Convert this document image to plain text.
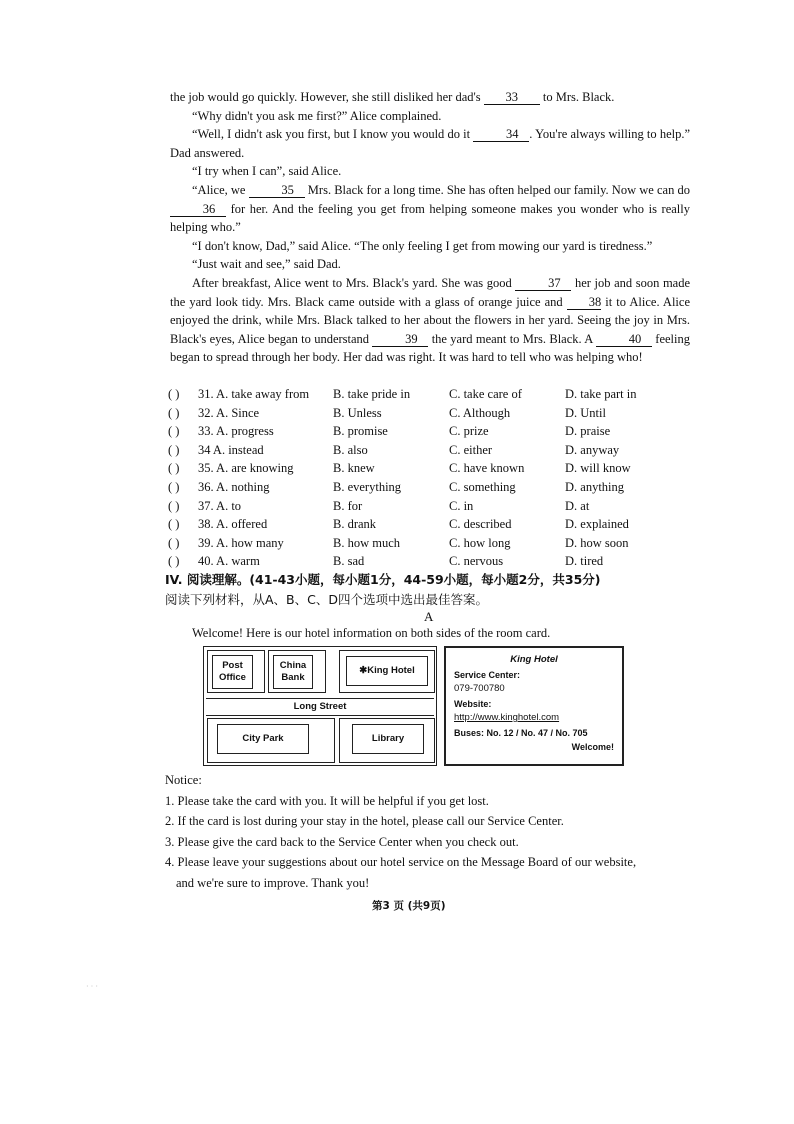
the job would go quickly. However, she still disliked her dad's 33 to Mrs. Black.

“Why didn't you ask me first?” Alice complained.

“Well, I didn't ask you first, but I know you would do it	34 . You're always willing to help.” Dad answered.

“I try when I can”, said Alice.

“Alice, we	35 Mrs. Black for a long time. She has often helped our family. Now we can do 36 for her. And the feeling you get from helping someone makes you wonder who is really helping who.”

“I don't know, Dad,” said Alice. “The only feeling I get from mowing our yard is tiredness.”

“Just wait and see,” said Dad.

After breakfast, Alice went to Mrs. Black's yard. She was good	37 her job and soon made the yard look tidy. Mrs. Black came outside with a glass of orange juice and 38 it to Alice. Alice enjoyed the drink, while Mrs. Black talked to her about the flowers in her yard. Seeing the joy in Mrs. Black's eyes, Alice began to understand	39 the yard meant to Mrs. Black. A	40 feeling began to spread through her body. Her dad was right. It was hard to tell who was helping who!

( )	31. A. take away from	B. take pride in	C. take care of	D. take part in
( )	32. A. Since	B. Unless	C. Although	D. Until
( )	33. A. progress	B. promise	C. prize	D. praise
( )	34 A. instead	B. also	C. either	D. anyway
( )	35. A. are knowing	B. knew	C. have known	D. will know
( )	36. A. nothing	B. everything	C. something	D. anything
( )	37. A. to	B. for	C. in	D. at
( )	38. A. offered	B. drank	C. described	D. explained
( )	39. A. how many	B. how much	C. how long	D. how soon
( )	40. A. warm	B. sad	C. nervous	D. tired
IV. 阅读理解。(41-43小题，每小题1分，44-59小题，每小题2分，共35分)
阅读下列材料，从A、B、C、D四个选项中选出最佳答案。
A
Welcome! Here is our hotel information on both sides of the room card.
Post Office
China Bank
✱ King Hotel
Long Street
City Park	Library
King Hotel
Service Center:
079-700780
Website:
http://www.kinghotel.com
Buses: No. 12 / No. 47 / No. 705
Welcome!

Notice:

1. Please take the card with you. It will be helpful if you get lost.

2. If the card is lost during your stay in the hotel, please call our Service Center.

3. Please give the card back to the Service Center when you check out.

4. Please leave your suggestions about our hotel service on the Message Board of our website,

and we're sure to improve. Thank you!

第3 页 (共9页)
· · ·
